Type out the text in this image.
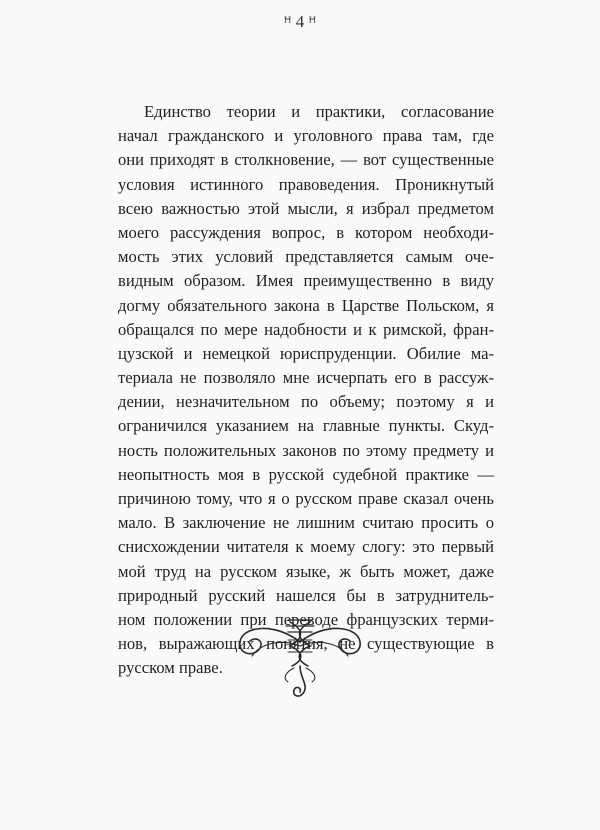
ꟸ 4 ꟸ

Единство теории и практики, согласование

начал гражданского и уголовного права там, где

они приходят в столкновение, — вот существенные

условия истинного правоведения. Проникнутый

всею важностью этой мысли, я избрал предметом

моего рассуждения вопрос, в котором необходи-

мость этих условий представляется самым оче-

видным образом. Имея преимущественно в виду

догму обязательного закона в Царстве Польском, я

обращался по мере надобности и к римской, фран-

цузской и немецкой юриспруденции. Обилие ма-

териала не позволяло мне исчерпать его в рассуж-

дении, незначительном по объему; поэтому я и

ограничился указанием на главные пункты. Скуд-

ность положительных законов по этому предмету и

неопытность моя в русской судебной практике —

причиною тому, что я о русском праве сказал очень

мало. В заключение не лишним считаю просить о

снисхождении читателя к моему слогу: это первый

мой труд на русском языке, ж быть может, даже

природный русский нашелся бы в затруднитель-

ном положении при переводе французских терми-

нов, выражающих понятия, не существующие в

русском праве.
